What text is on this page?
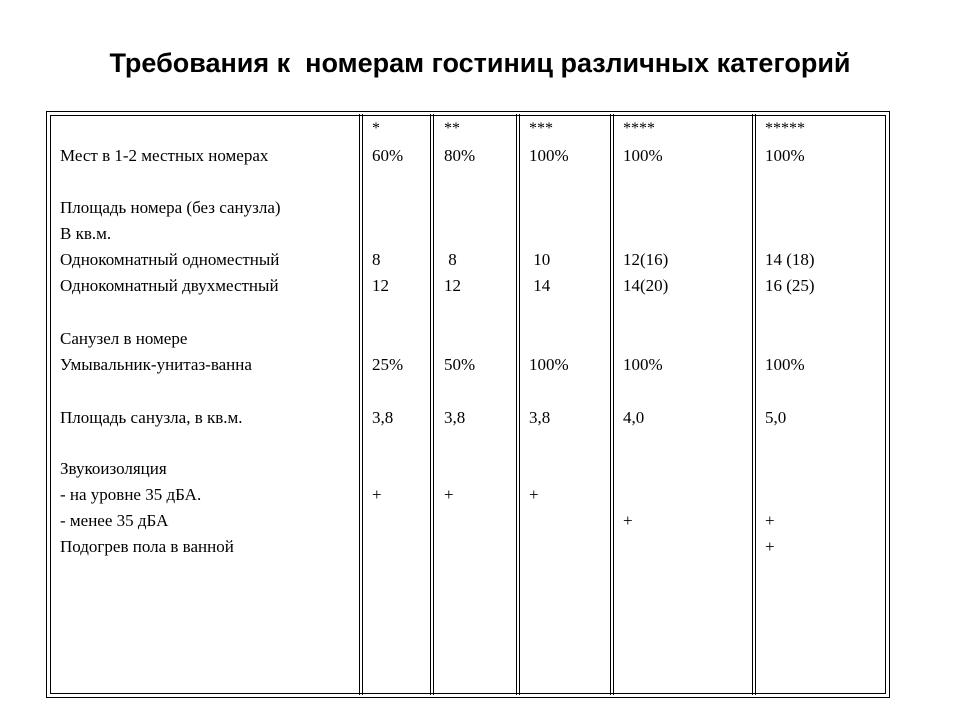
Требования к  номерам гостиниц различных категорий
Мест в 1-2 местных номерах
Площадь номера (без санузла)
В кв.м.
Однокомнатный одноместный
Однокомнатный двухместный
Санузел в номере
Умывальник-унитаз-ванна
Площадь санузла, в кв.м.
Звукоизоляция
- на уровне 35 дБА.
- менее 35 дБА
Подогрев пола в ванной
*
60%
8
12
25%
3,8
+
**
80%
8
12
50%
3,8
+
***
100%
10
14
100%
3,8
+
****
100%
12(16)
14(20)
100%
4,0
+
*****
100%
14 (18)
16 (25)
100%
5,0
+
+
